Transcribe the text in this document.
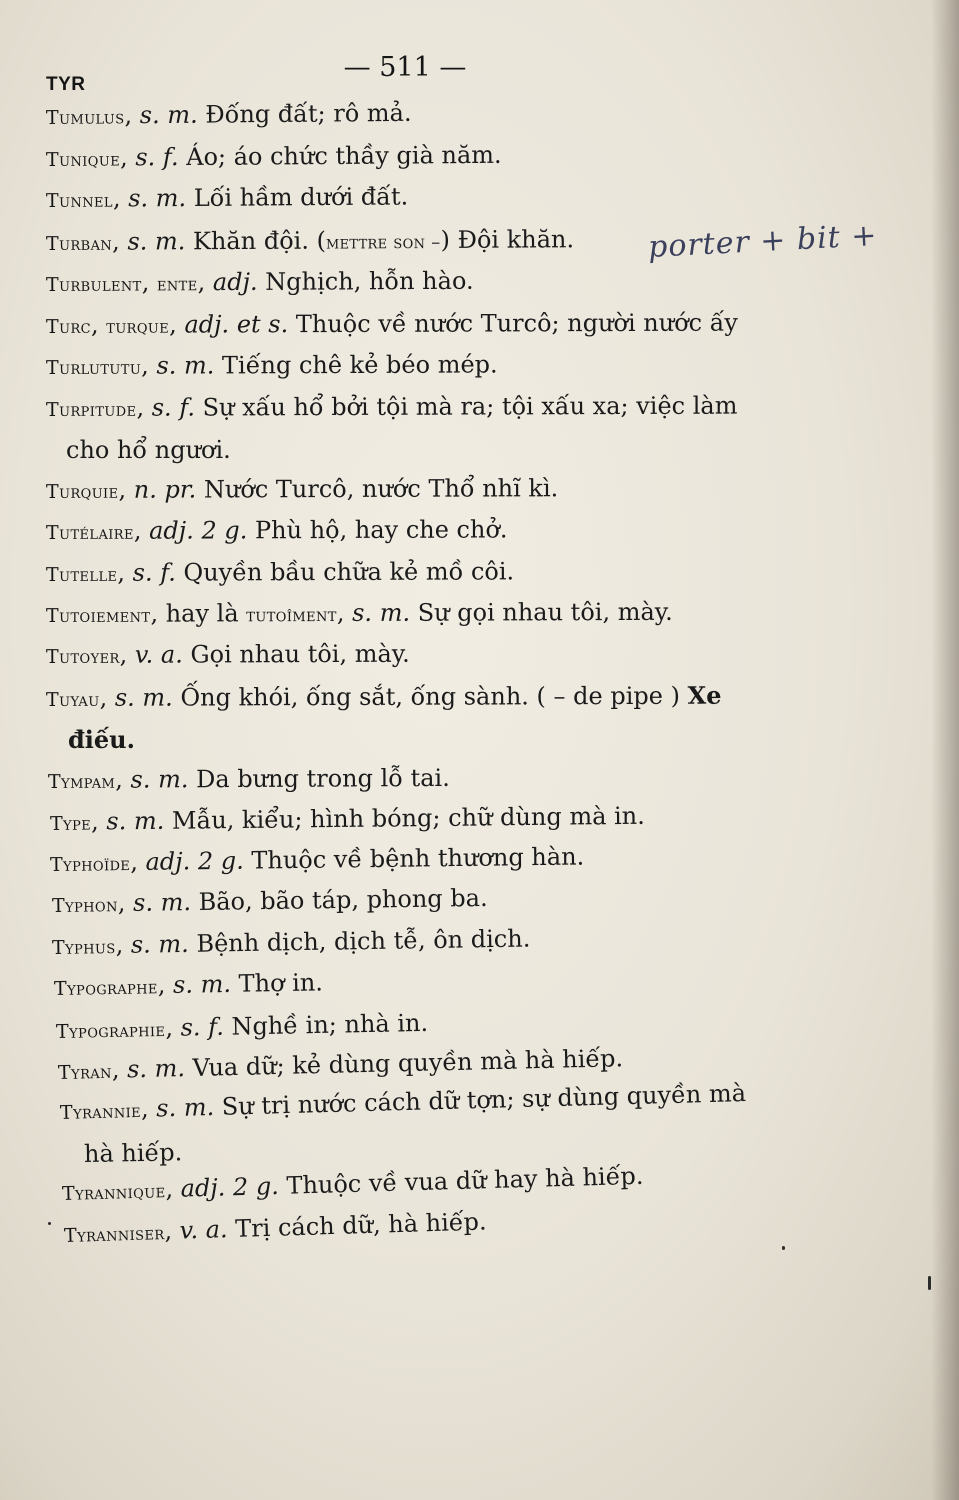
TYR
— 511 —
Tumulus, s. m. Đống đất; rô mả.
Tunique, s. f. Áo; áo chức thầy già năm.
Tunnel, s. m. Lối hầm dưới đất.
Turban, s. m. Khăn đội. (mettre son –) Đội khăn. porter + bit +
Turbulent, ente, adj. Nghịch, hỗn hào.
Turc, turque, adj. et s. Thuộc về nước Turcô; người nước ấy
Turlututu, s. m. Tiếng chê kẻ béo mép.
Turpitude, s. f. Sự xấu hổ bởi tội mà ra; tội xấu xa; việc làm
cho hổ ngươi.
Turquie, n. pr. Nước Turcô, nước Thổ nhĩ kì.
Tutélaire, adj. 2 g. Phù hộ, hay che chở.
Tutelle, s. f. Quyền bầu chữa kẻ mồ côi.
Tutoiement, hay là tutoîment, s. m. Sự gọi nhau tôi, mày.
Tutoyer, v. a. Gọi nhau tôi, mày.
Tuyau, s. m. Ống khói, ống sắt, ống sành. ( – de pipe ) Xe
điếu.
Tympam, s. m. Da bưng trong lỗ tai.
Type, s. m. Mẫu, kiểu; hình bóng; chữ dùng mà in.
Typhoïde, adj. 2 g. Thuộc về bệnh thương hàn.
Typhon, s. m. Bão, bão táp, phong ba.
Typhus, s. m. Bệnh dịch, dịch tễ, ôn dịch.
Typographe, s. m. Thợ in.
Typographie, s. f. Nghề in; nhà in.
Tyran, s. m. Vua dữ; kẻ dùng quyền mà hà hiếp.
Tyrannie, s. m. Sự trị nước cách dữ tợn; sự dùng quyền mà
hà hiếp.
Tyrannique, adj. 2 g. Thuộc về vua dữ hay hà hiếp.
Tyranniser, v. a. Trị cách dữ, hà hiếp.
